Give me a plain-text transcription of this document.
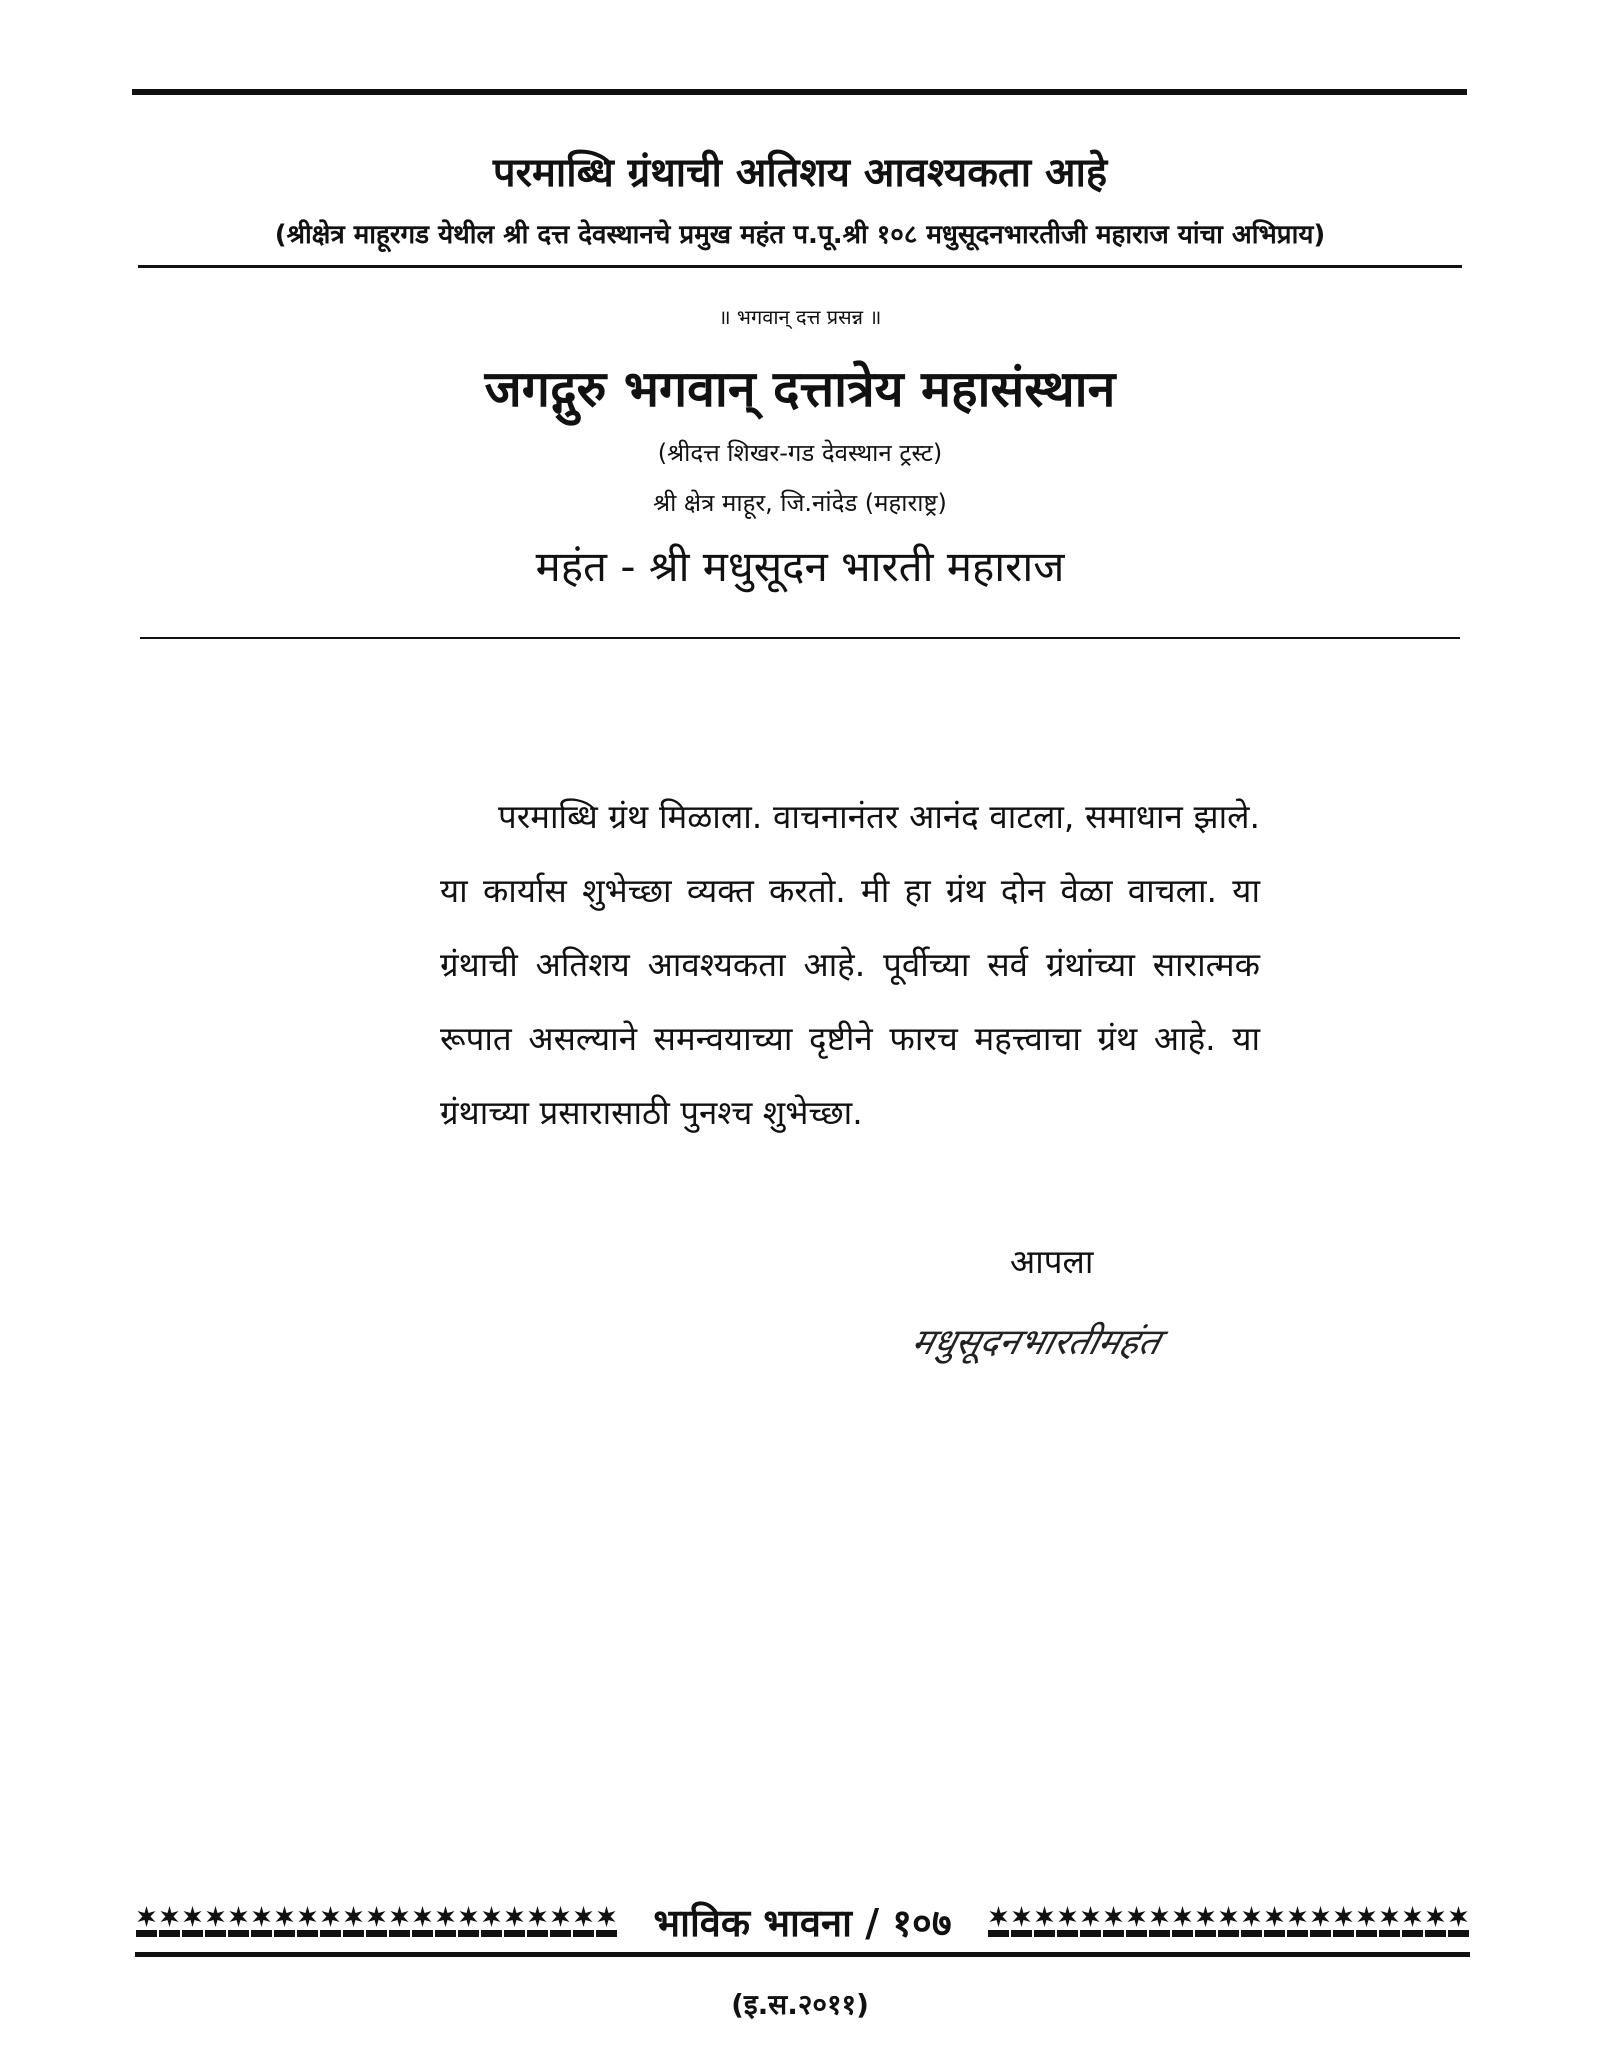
परमाब्धि ग्रंथाची अतिशय आवश्यकता आहे
(श्रीक्षेत्र माहूरगड येथील श्री दत्त देवस्थानचे प्रमुख महंत प.पू.श्री १०८ मधुसूदनभारतीजी महाराज यांचा अभिप्राय)
॥ भगवान् दत्त प्रसन्न ॥
जगद्गुरु भगवान् दत्तात्रेय महासंस्थान
(श्रीदत्त शिखर-गड देवस्थान ट्रस्ट)
श्री क्षेत्र माहूर, जि.नांदेड (महाराष्ट्र)
महंत - श्री मधुसूदन भारती महाराज

परमाब्धि ग्रंथ मिळाला. वाचनानंतर आनंद वाटला, समाधान झाले. या कार्यास शुभेच्छा व्यक्त करतो. मी हा ग्रंथ दोन वेळा वाचला. या ग्रंथाची अतिशय आवश्यकता आहे. पूर्वीच्या सर्व ग्रंथांच्या सारात्मक रूपात असल्याने समन्वयाच्या दृष्टीने फारच महत्त्वाचा ग्रंथ आहे. या ग्रंथाच्या प्रसारासाठी पुनश्च शुभेच्छा.

आपला
मधुसूदनभारतीमहंत
भाविक भावना / १०७
(इ.स.२०११)
